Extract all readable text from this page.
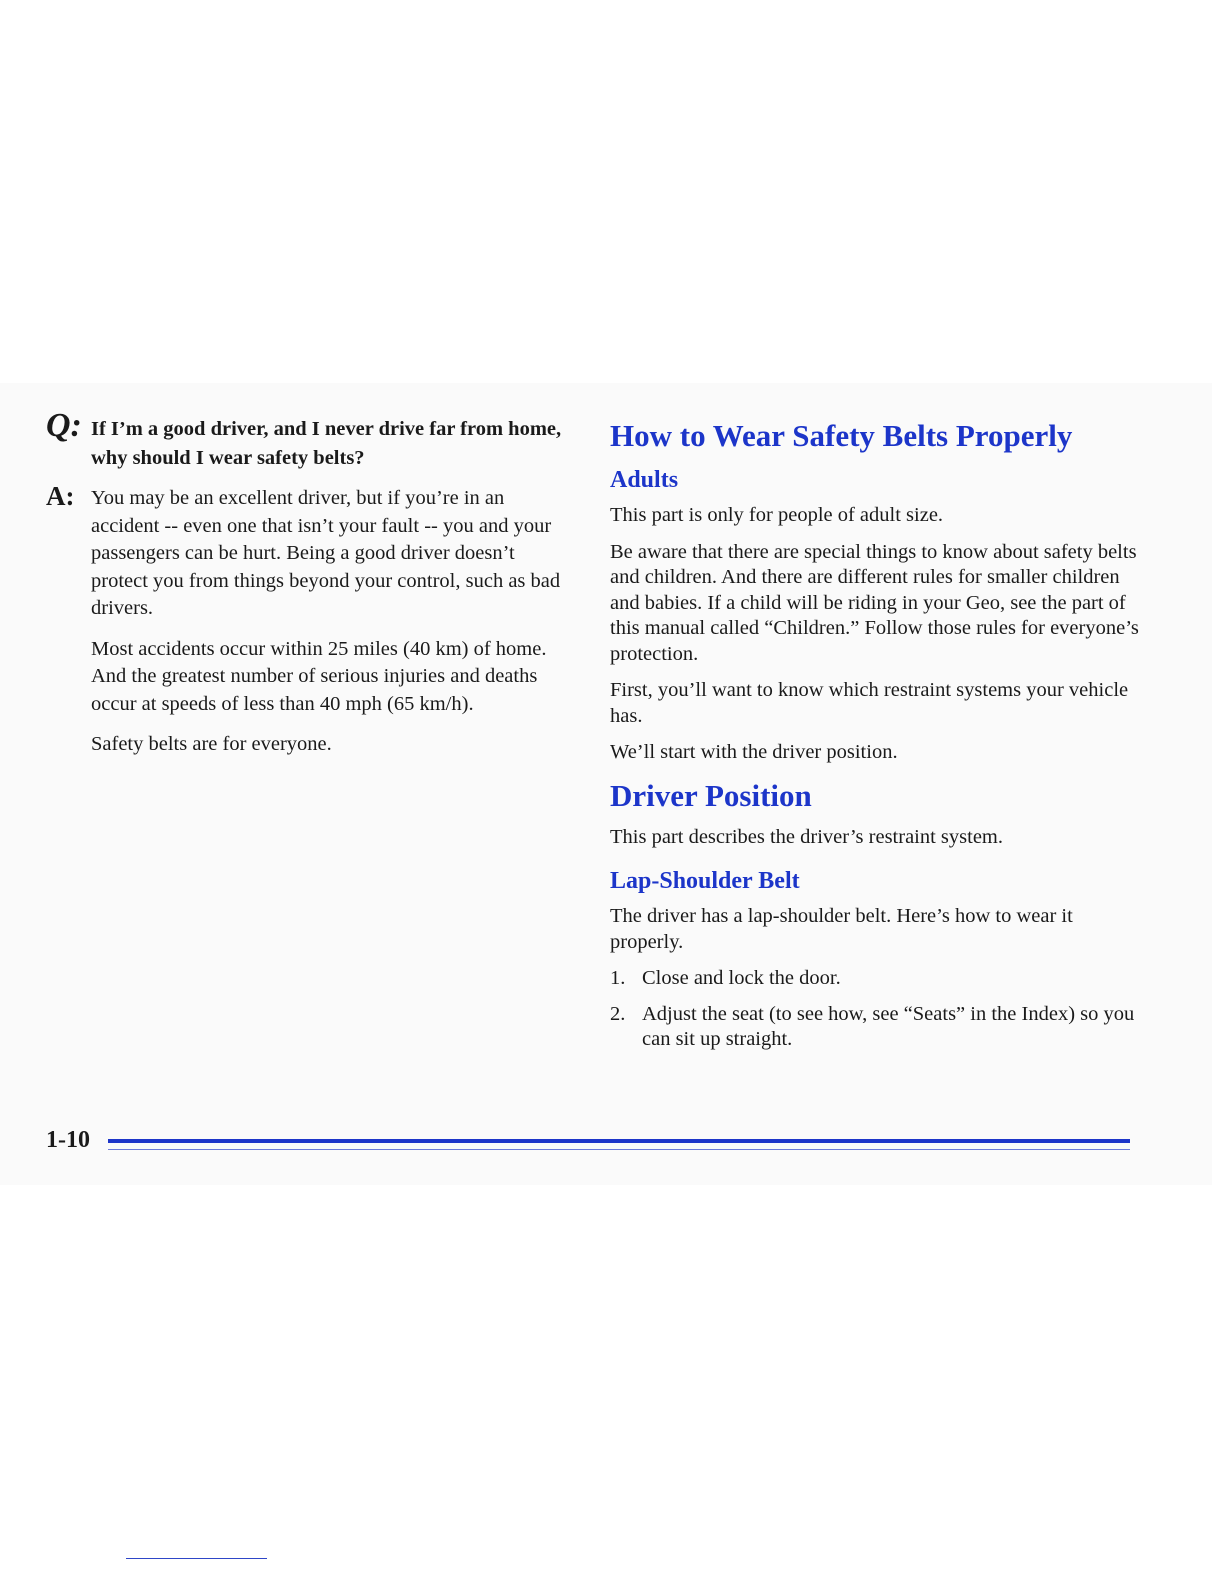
Q: If I’m a good driver, and I never drive far from home, why should I wear safety belts?

A: You may be an excellent driver, but if you’re in an accident -- even one that isn’t your fault -- you and your passengers can be hurt. Being a good driver doesn’t protect you from things beyond your control, such as bad drivers.

Most accidents occur within 25 miles (40 km) of home. And the greatest number of serious injuries and deaths occur at speeds of less than 40 mph (65 km/h).

Safety belts are for everyone.

How to Wear Safety Belts Properly
Adults

This part is only for people of adult size.

Be aware that there are special things to know about safety belts and children. And there are different rules for smaller children and babies. If a child will be riding in your Geo, see the part of this manual called “Children.” Follow those rules for everyone’s protection.

First, you’ll want to know which restraint systems your vehicle has.

We’ll start with the driver position.

Driver Position

This part describes the driver’s restraint system.

Lap-Shoulder Belt

The driver has a lap-shoulder belt. Here’s how to wear it properly.

1. Close and lock the door.
2. Adjust the seat (to see how, see “Seats” in the Index) so you can sit up straight.
1-10
